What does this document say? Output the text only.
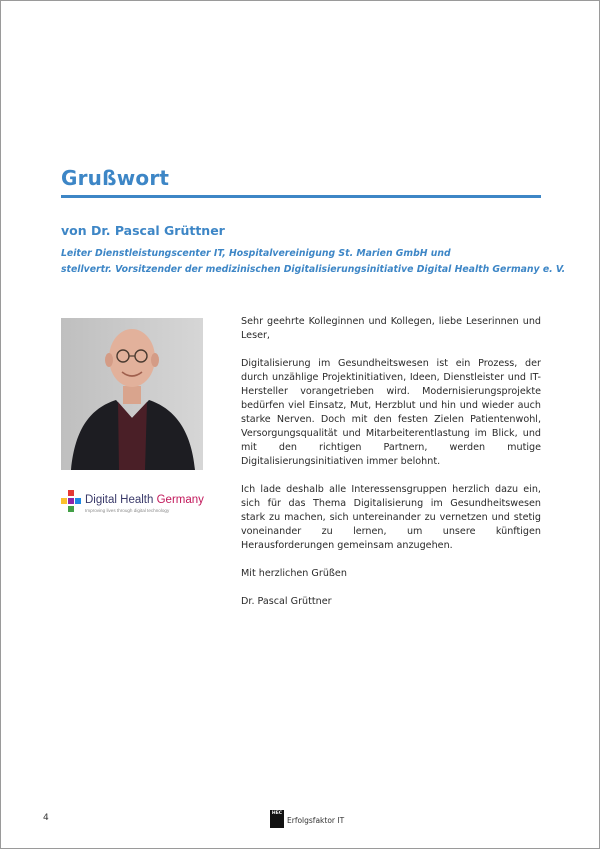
Grußwort
von Dr. Pascal Grüttner
Leiter Dienstleistungscenter IT, Hospitalvereinigung St. Marien GmbH und
stellvertr. Vorsitzender der medizinischen Digitalisierungsinitiative Digital Health Germany e. V.
Digital Health Germany
Improving lives through digital technology

Sehr geehrte Kolleginnen und Kollegen, liebe Leserinnen und Leser,

Digitalisierung im Gesundheitswesen ist ein Prozess, der durch unzählige Projektinitiativen, Ideen, Dienstleister und IT-Hersteller vorangetrieben wird. Modernisierungsprojekte bedürfen viel Einsatz, Mut, Herzblut und hin und wieder auch starke Nerven. Doch mit den festen Zielen Patientenwohl, Versorgungsqualität und Mitarbeiterentlastung im Blick, und mit den richtigen Partnern, werden mutige Digitalisierungsinitiativen immer belohnt.

Ich lade deshalb alle Interessensgruppen herzlich dazu ein, sich für das Thema Digitalisierung im Gesundheitswesen stark zu machen, sich untereinander zu vernetzen und stetig voneinander zu lernen, um unsere künftigen Herausforderungen gemeinsam anzugehen.

Mit herzlichen Grüßen

Dr. Pascal Grüttner

4	HEC
Erfolgsfaktor IT
